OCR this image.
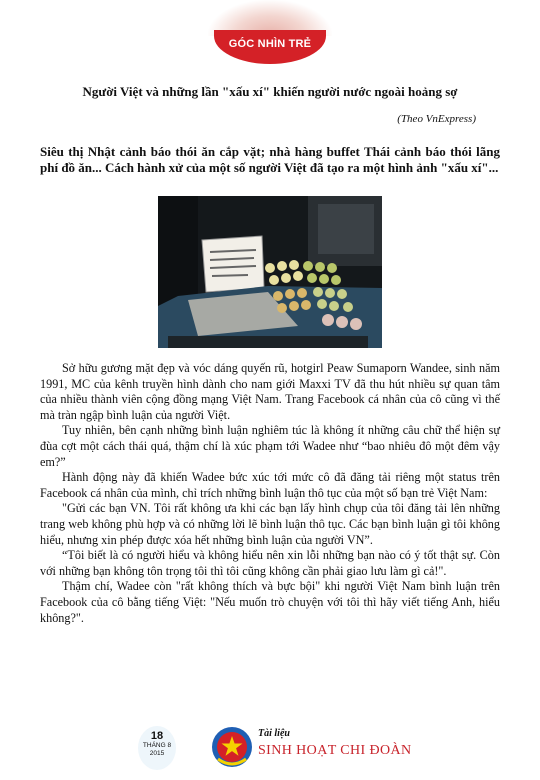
GÓC NHÌN TRẺ
Người Việt và những lần "xấu xí" khiến người nước ngoài hoảng sợ
(Theo VnExpress)
Siêu thị Nhật cảnh báo thói ăn cắp vặt; nhà hàng buffet Thái cảnh báo thói lãng phí đồ ăn... Cách hành xử của một số người Việt đã tạo ra một hình ảnh "xấu xí"...

Sở hữu gương mặt đẹp và vóc dáng quyến rũ, hotgirl Peaw Sumaporn Wandee, sinh năm 1991, MC của kênh truyền hình dành cho nam giới Maxxi TV đã thu hút nhiều sự quan tâm của nhiều thành viên cộng đồng mạng Việt Nam. Trang Facebook cá nhân của cô cũng vì thế mà tràn ngập bình luận của người Việt.

Tuy nhiên, bên cạnh những bình luận nghiêm túc là không ít những câu chữ thể hiện sự đùa cợt một cách thái quá, thậm chí là xúc phạm tới Wadee như “bao nhiêu đô một đêm vậy em?”

Hành động này đã khiến Wadee bức xúc tới mức cô đã đăng tải riêng một status trên Facebook cá nhân của mình, chỉ trích những bình luận thô tục của một số bạn trẻ Việt Nam:

"Gửi các bạn VN. Tôi rất không ưa khi các bạn lấy hình chụp của tôi đăng tải lên những trang web không phù hợp và có những lời lẽ bình luận thô tục. Các bạn bình luận gì tôi không hiểu, nhưng xin phép được xóa hết những bình luận của người VN”.

“Tôi biết là có người hiểu và không hiểu nên xin lỗi những bạn nào có ý tốt thật sự. Còn với những bạn không tôn trọng tôi thì tôi cũng không cần phải giao lưu làm gì cả!".

Thậm chí, Wadee còn "rất không thích và bực bội" khi người Việt Nam bình luận trên Facebook của cô bằng tiếng Việt: "Nếu muốn trò chuyện với tôi thì hãy viết tiếng Anh, hiểu không?".

18
THÁNG 8
2015
Tài liệu
SINH HOẠT CHI ĐOÀN
